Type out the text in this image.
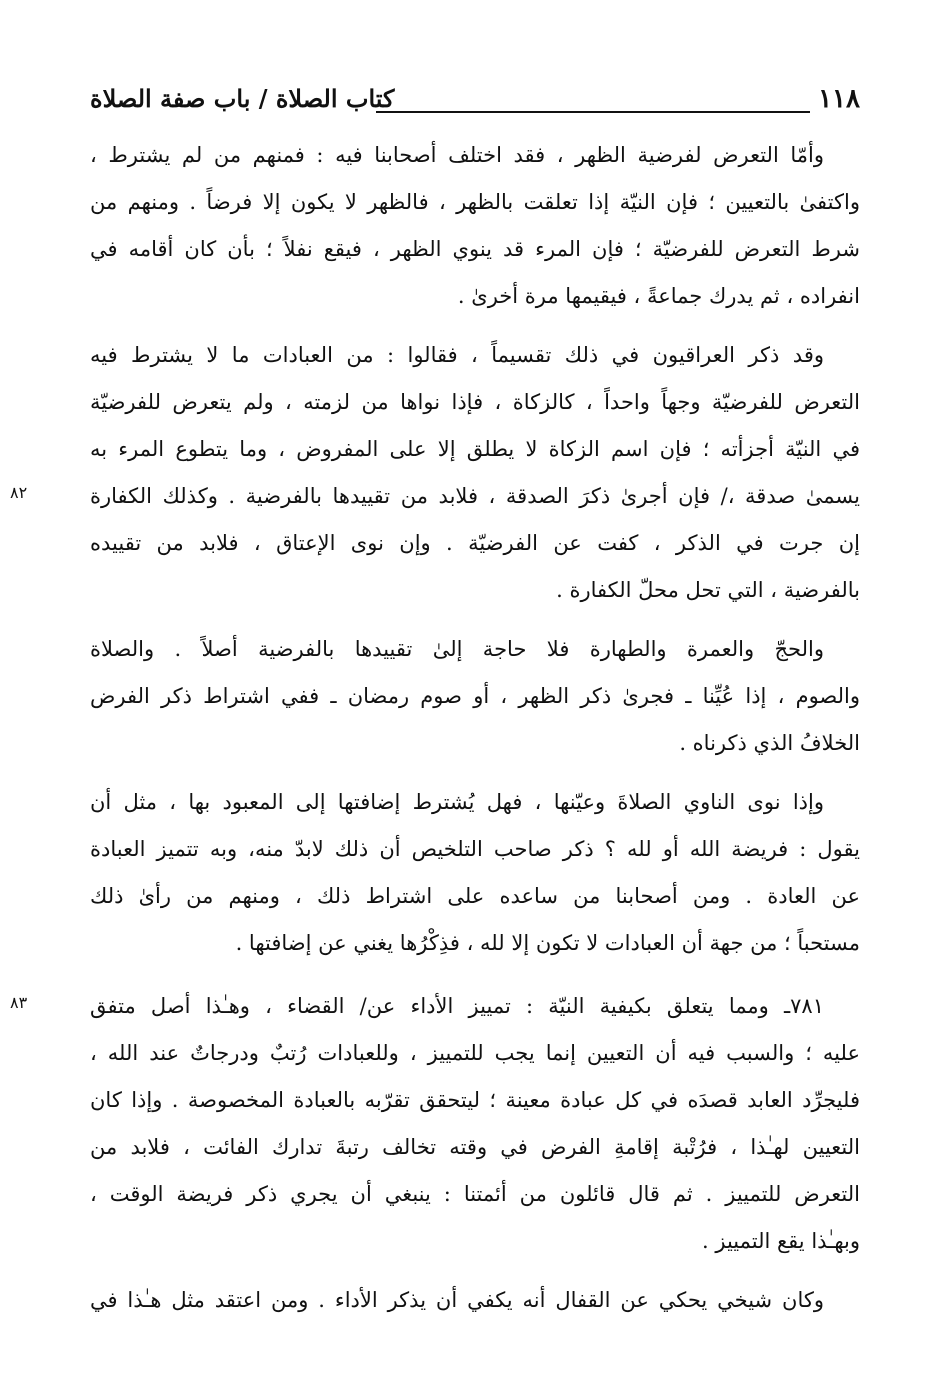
١١٨
كتاب الصلاة / باب صفة الصلاة
وأمّا التعرض لفرضية الظهر ، فقد اختلف أصحابنا فيه : فمنهم من لم يشترط ،
واكتفىٰ بالتعيين ؛ فإن النيّة إذا تعلقت بالظهر ، فالظهر لا يكون إلا فرضاً . ومنهم من
شرط التعرض للفرضيّة ؛ فإن المرء قد ينوي الظهر ، فيقع نفلاً ؛ بأن كان أقامه في
انفراده ، ثم يدرك جماعةً ، فيقيمها مرة أخرىٰ .
وقد ذكر العراقيون في ذلك تقسيماً ، فقالوا : من العبادات ما لا يشترط فيه
التعرض للفرضيّة وجهاً واحداً ، كالزكاة ، فإذا نواها من لزمته ، ولم يتعرض للفرضيّة
في النيّة أجزأته ؛ فإن اسم الزكاة لا يطلق إلا على المفروض ، وما يتطوع المرء به
يسمىٰ صدقة ،/ فإن أجرىٰ ذكرَ الصدقة ، فلابد من تقييدها بالفرضية . وكذلك الكفارة
إن جرت في الذكر ، كفت عن الفرضيّة . وإن نوى الإعتاق ، فلابد من تقييده
بالفرضية ، التي تحل محلّ الكفارة .
٨٢
والحجّ والعمرة والطهارة فلا حاجة إلىٰ تقييدها بالفرضية أصلاً . والصلاة
والصوم ، إذا عُيِّنا ـ فجرىٰ ذكر الظهر ، أو صوم رمضان ـ ففي اشتراط ذكر الفرض
الخلافُ الذي ذكرناه .
وإذا نوى الناوي الصلاةَ وعيّنها ، فهل يُشترط إضافتها إلى المعبود بها ، مثل أن
يقول : فريضة الله أو لله ؟ ذكر صاحب التلخيص أن ذلك لابدّ منه، وبه تتميز العبادة
عن العادة . ومن أصحابنا من ساعده على اشتراط ذلك ، ومنهم من رأىٰ ذلك
مستحباً ؛ من جهة أن العبادات لا تكون إلا لله ، فذِكْرُها يغني عن إضافتها .
٧٨١ـ ومما يتعلق بكيفية النيّة : تمييز الأداء عن/ القضاء ، وهـٰذا أصل متفق
عليه ؛ والسبب فيه أن التعيين إنما يجب للتمييز ، وللعبادات رُتبٌ ودرجاتٌ عند الله ،
فليجرِّد العابد قصدَه في كل عبادة معينة ؛ ليتحقق تقرّبه بالعبادة المخصوصة . وإذا كان
التعيين لهـٰذا ، فرُتْبة إقامةِ الفرض في وقته تخالف رتبةَ تدارك الفائت ، فلابد من
التعرض للتمييز . ثم قال قائلون من أئمتنا : ينبغي أن يجري ذكر فريضة الوقت ،
وبهـٰذا يقع التمييز .
٨٣
وكان شيخي يحكي عن القفال أنه يكفي أن يذكر الأداء . ومن اعتقد مثل هـٰذا في
